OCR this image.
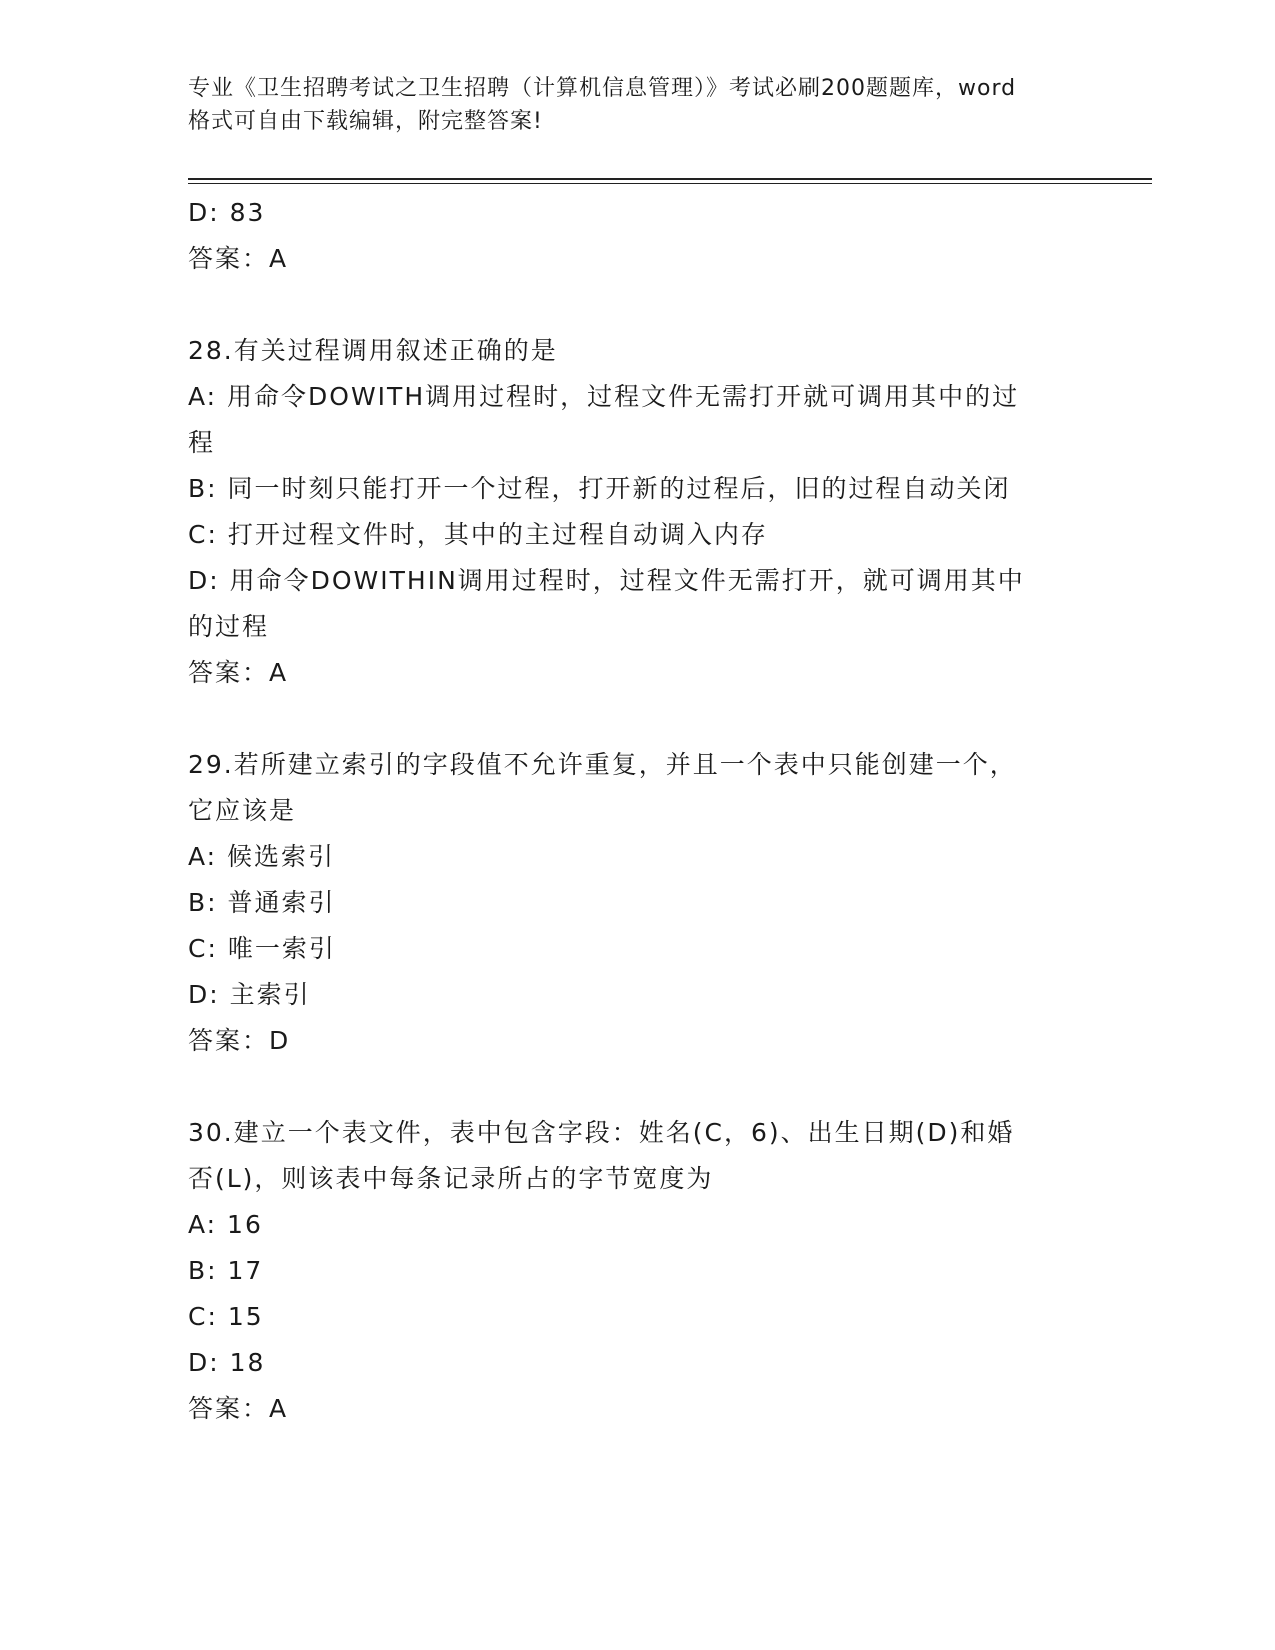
专业《卫生招聘考试之卫生招聘（计算机信息管理）》考试必刷200题题库，word
格式可自由下载编辑，附完整答案!
D: 83
答案：A
28.有关过程调用叙述正确的是
A: 用命令DOWITH调用过程时，过程文件无需打开就可调用其中的过
程
B: 同一时刻只能打开一个过程，打开新的过程后，旧的过程自动关闭
C: 打开过程文件时，其中的主过程自动调入内存
D: 用命令DOWITHIN调用过程时，过程文件无需打开，就可调用其中
的过程
答案：A
29.若所建立索引的字段值不允许重复，并且一个表中只能创建一个，
它应该是
A: 候选索引
B: 普通索引
C: 唯一索引
D: 主索引
答案：D
30.建立一个表文件，表中包含字段：姓名(C，6)、出生日期(D)和婚
否(L)，则该表中每条记录所占的字节宽度为
A: 16
B: 17
C: 15
D: 18
答案：A
